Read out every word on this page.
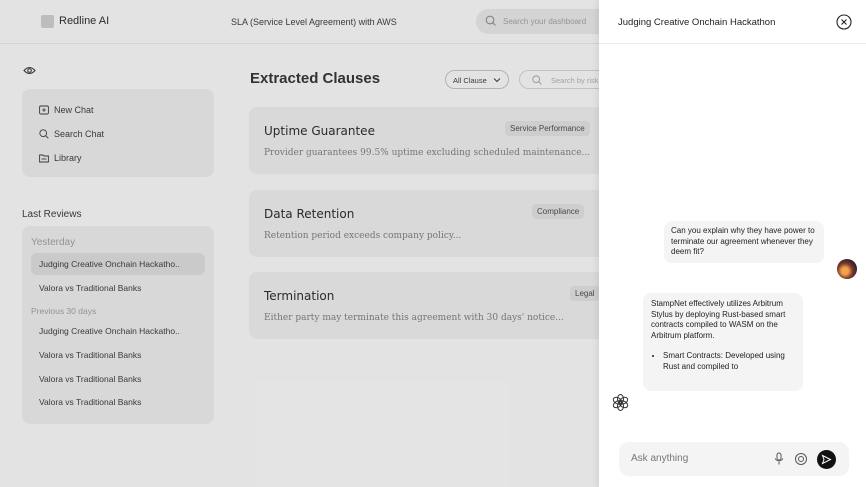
Redline AI	SLA (Service Level Agreement) with AWS	Search your dashboard
New Chat
Search Chat
Library
Last Reviews
Yesterday
Judging Creative Onchain Hackatho..
Valora vs Traditional Banks
Previous 30 days
Judging Creative Onchain Hackatho..
Valora vs Traditional Banks
Valora vs Traditional Banks
Valora vs Traditional Banks
Extracted Clauses	All Clause	Search by risk
Uptime Guarantee	Service Performance
Provider guarantees 99.5% uptime excluding scheduled maintenance...
Data Retention	Compliance
Retention period exceeds company policy...
Termination	Legal
Either party may terminate this agreement with 30 days' notice...
Judging Creative Onchain Hackathon
Ask anything
Can you explain why they have power to terminate our agreement whenever they deem fit?
StampNet effectively utilizes Arbitrum Stylus by deploying Rust-based smart contracts compiled to WASM on the Arbitrum platform.
• Smart Contracts: Developed using Rust and compiled to
